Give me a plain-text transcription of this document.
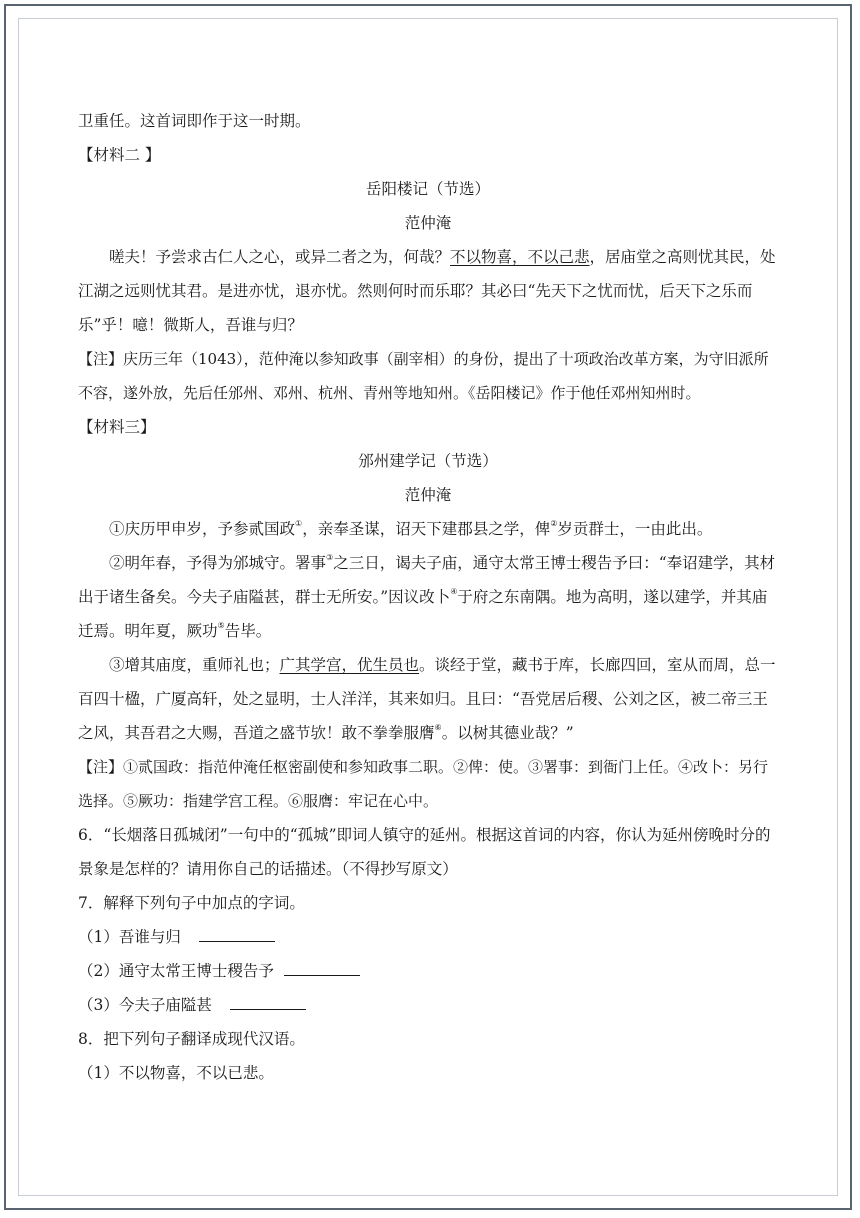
卫重任。这首词即作于这一时期。

【材料二 】

岳阳楼记（节选）

范仲淹

嗟夫！予尝求古仁人之心，或异二者之为，何哉？不以物喜，不以己悲，居庙堂之高则忧其民，处江湖之远则忧其君。是进亦忧，退亦忧。然则何时而乐耶？其必曰“先天下之忧而忧，后天下之乐而乐”乎！噫！微斯人，吾谁与归？

【注】庆历三年（1043），范仲淹以参知政事（副宰相）的身份，提出了十项政治改革方案，为守旧派所不容，遂外放，先后任邠州、邓州、杭州、青州等地知州。《岳阳楼记》作于他任邓州知州时。

【材料三】

邠州建学记（节选）

范仲淹

①庆历甲申岁，予参贰国政①，亲奉圣谋，诏天下建郡县之学，俾②岁贡群士，一由此出。

②明年春，予得为邠城守。署事③之三日，谒夫子庙，通守太常王博士稷告予曰：“奉诏建学，其材出于诸生备矣。今夫子庙隘甚，群士无所安。”因议改卜④于府之东南隅。地为高明，遂以建学，并其庙迁焉。明年夏，厥功⑤告毕。

③增其庙度，重师礼也；广其学宫，优生员也。谈经于堂，藏书于库，长廊四回，室从而周，总一百四十楹，广厦高轩，处之显明，士人洋洋，其来如归。且曰：“吾党居后稷、公刘之区，被二帝三王之风，其吾君之大赐，吾道之盛节欤！敢不拳拳服膺⑥。以树其德业哉？”

【注】①贰国政：指范仲淹任枢密副使和参知政事二职。②俾：使。③署事：到衙门上任。④改卜：另行选择。⑤厥功：指建学宫工程。⑥服膺：牢记在心中。

6．“长烟落日孤城闭”一句中的“孤城”即词人镇守的延州。根据这首词的内容，你认为延州傍晚时分的景象是怎样的？请用你自己的话描述。（不得抄写原文）

7．解释下列句子中加点的字词。

（1）吾谁与归

（2）通守太常王博士稷告予

（3）今夫子庙隘甚

8．把下列句子翻译成现代汉语。

（1）不以物喜，不以已悲。
